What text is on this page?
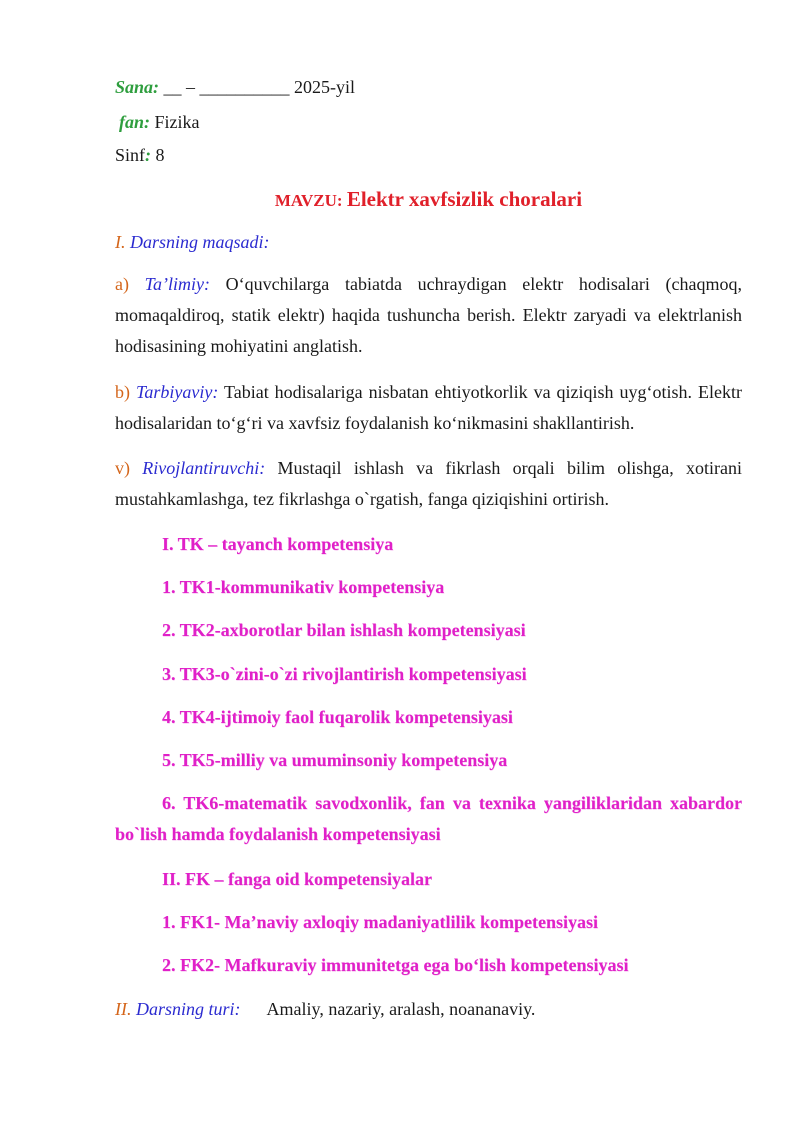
Sana: __ – __________ 2025-yil
fan: Fizika
Sinf: 8
MAVZU: Elektr xavfsizlik choralari
I. Darsning maqsadi:
a) Ta’limiy: O‘quvchilarga tabiatda uchraydigan elektr hodisalari (chaqmoq, momaqaldiroq, statik elektr) haqida tushuncha berish. Elektr zaryadi va elektrlanish hodisasining mohiyatini anglatish.
b) Tarbiyaviy: Tabiat hodisalariga nisbatan ehtiyotkorlik va qiziqish uyg‘otish. Elektr hodisalaridan to‘g‘ri va xavfsiz foydalanish ko‘nikmasini shakllantirish.
v) Rivojlantiruvchi: Mustaqil ishlash va fikrlash orqali bilim olishga, xotirani mustahkamlashga, tez fikrlashga o`rgatish, fanga qiziqishini ortirish.
I. TK – tayanch kompetensiya
1. TK1-kommunikativ kompetensiya
2. TK2-axborotlar bilan ishlash kompetensiyasi
3. TK3-o`zini-o`zi rivojlantirish kompetensiyasi
4. TK4-ijtimoiy faol fuqarolik kompetensiyasi
5. TK5-milliy va umuminsoniy kompetensiya
6. TK6-matematik savodxonlik, fan va texnika yangiliklaridan xabardor bo`lish hamda foydalanish kompetensiyasi
II. FK – fanga oid kompetensiyalar
1. FK1- Ma’naviy axloqiy madaniyatlilik kompetensiyasi
2. FK2- Mafkuraviy immunitetga ega bo‘lish kompetensiyasi
II. Darsning turi: Amaliy, nazariy, aralash, noananaviy.
